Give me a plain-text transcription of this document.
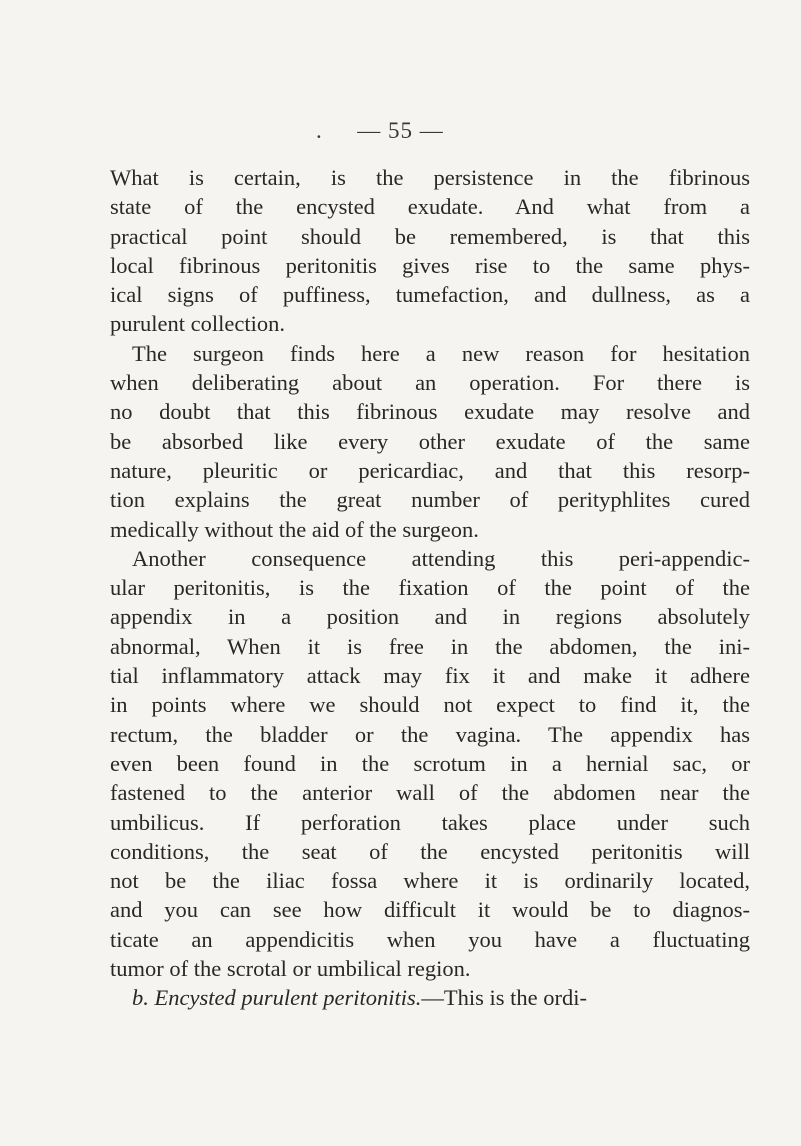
.	— 55 —
What is certain, is the persistence in the fibrinous
state of the encysted exudate. And what from a
practical point should be remembered, is that this
local fibrinous peritonitis gives rise to the same phys-
ical signs of puffiness, tumefaction, and dullness, as a
purulent collection.
The surgeon finds here a new reason for hesitation
when deliberating about an operation. For there is
no doubt that this fibrinous exudate may resolve and
be absorbed like every other exudate of the same
nature, pleuritic or pericardiac, and that this resorp-
tion explains the great number of perityphlites cured
medically without the aid of the surgeon.
Another consequence attending this peri-appendic-
ular peritonitis, is the fixation of the point of the
appendix in a position and in regions absolutely
abnormal, When it is free in the abdomen, the ini-
tial inflammatory attack may fix it and make it adhere
in points where we should not expect to find it, the
rectum, the bladder or the vagina. The appendix has
even been found in the scrotum in a hernial sac, or
fastened to the anterior wall of the abdomen near the
umbilicus. If perforation takes place under such
conditions, the seat of the encysted peritonitis will
not be the iliac fossa where it is ordinarily located,
and you can see how difficult it would be to diagnos-
ticate an appendicitis when you have a fluctuating
tumor of the scrotal or umbilical region.
b. Encysted purulent peritonitis.—This is the ordi-
